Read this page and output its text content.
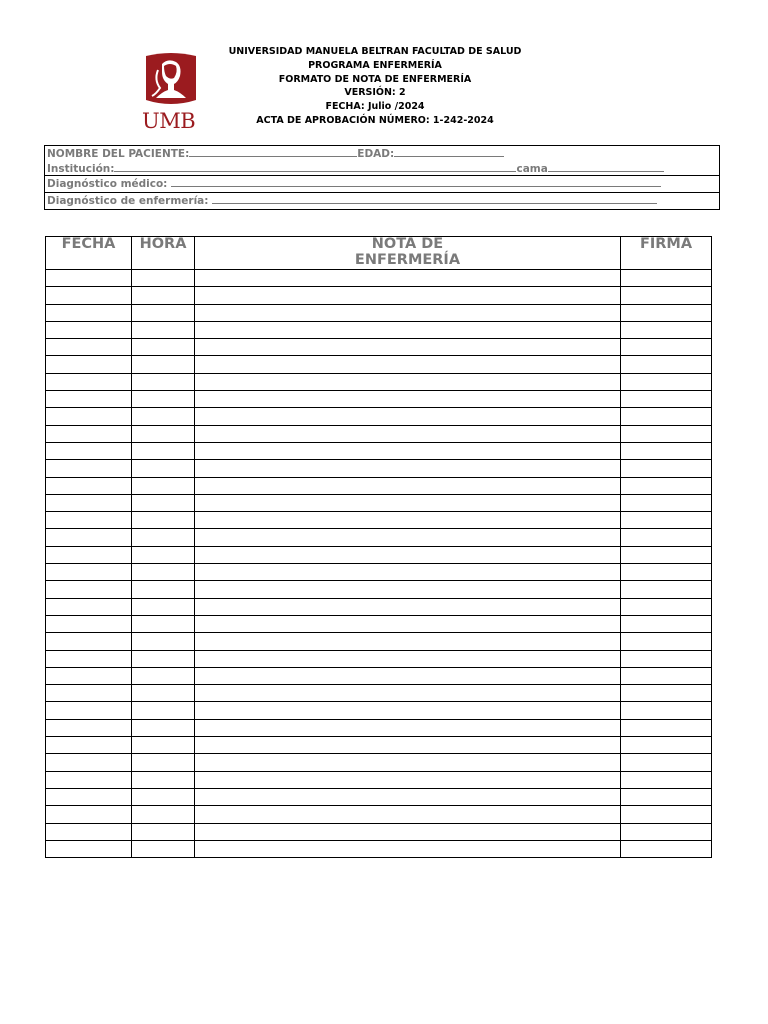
UMB
UNIVERSIDAD MANUELA BELTRAN FACULTAD DE SALUD
PROGRAMA ENFERMERÍA
FORMATO DE NOTA DE ENFERMERÍA
VERSIÓN: 2
FECHA: Julio /2024
ACTA DE APROBACIÓN NÚMERO: 1-242-2024
NOMBRE DEL PACIENTE:	EDAD:
Institución:	cama
Diagnóstico médico:
Diagnóstico de enfermería:
FECHA	HORA	NOTA DE ENFERMERÍA	FIRMA
